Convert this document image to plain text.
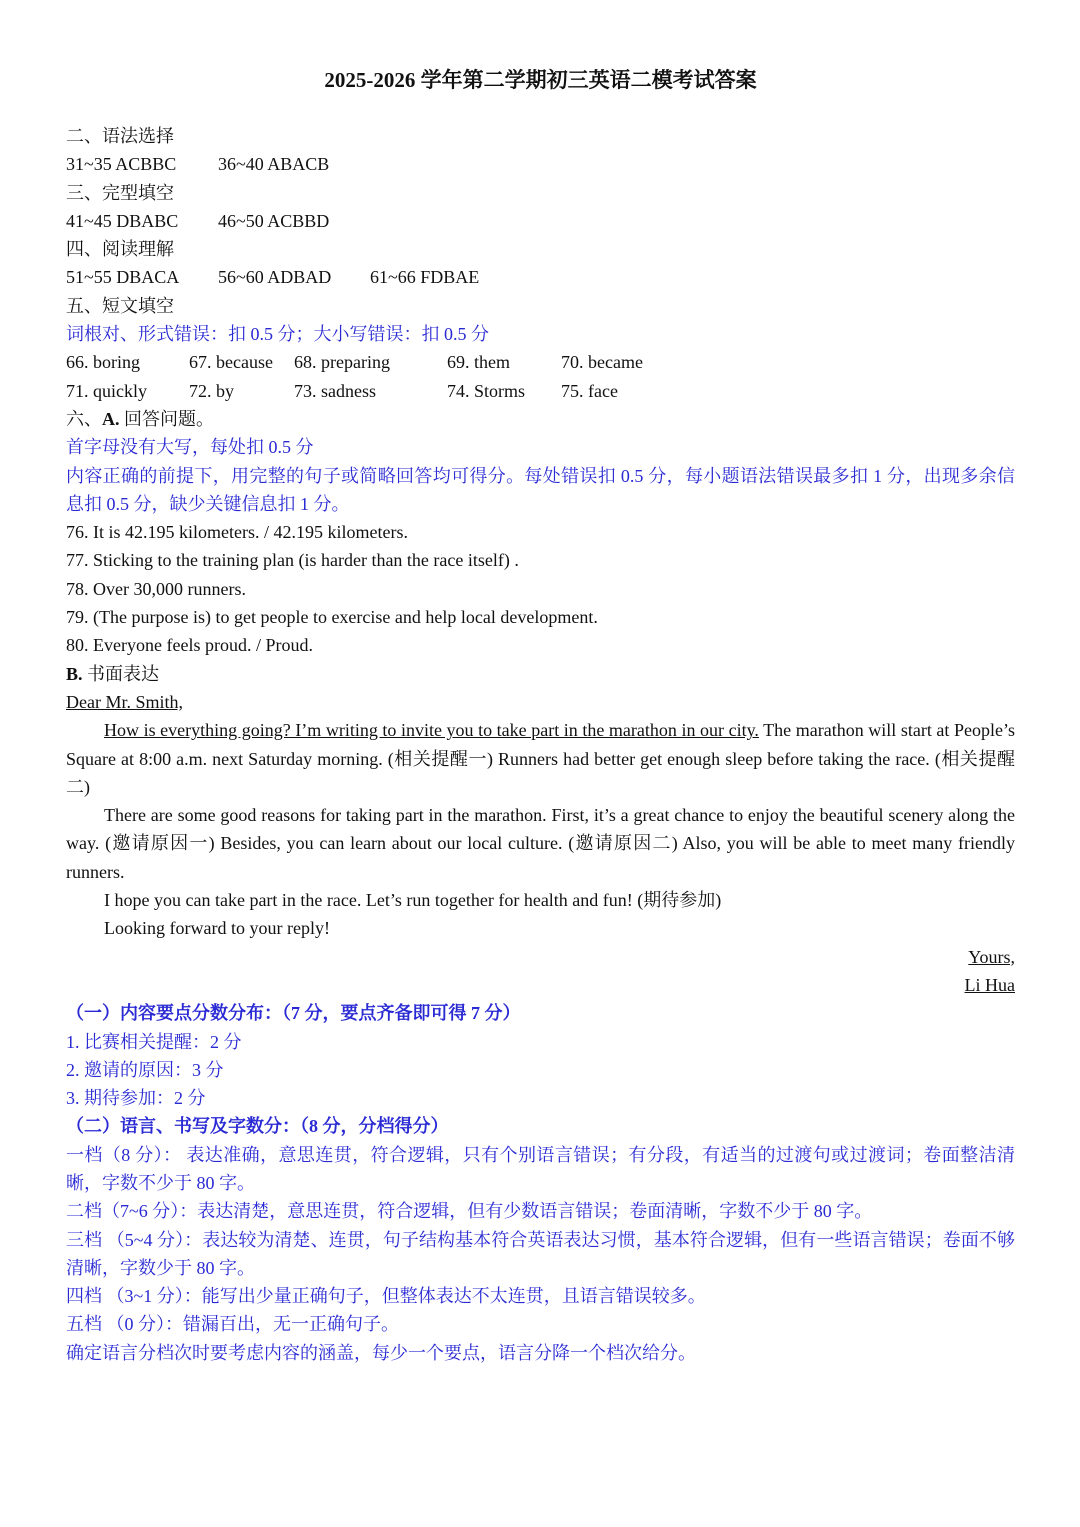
2025-2026 学年第二学期初三英语二模考试答案
二、语法选择
31~35 ACBBC	36~40 ABACB
三、完型填空
41~45 DBABC	46~50 ACBBD
四、阅读理解
51~55 DBACA	56~60 ADBAD	61~66 FDBAE
五、短文填空
词根对、形式错误：扣 0.5 分；大小写错误：扣 0.5 分
66. boring	67. because	68. preparing	69. them	70. became
71. quickly	72. by	73. sadness	74. Storms	75. face
六、A. 回答问题。
首字母没有大写，每处扣 0.5 分
内容正确的前提下，用完整的句子或简略回答均可得分。每处错误扣 0.5 分，每小题语法错误最多扣 1 分，出现多余信息扣 0.5 分，缺少关键信息扣 1 分。
76. It is 42.195 kilometers. / 42.195 kilometers.
77. Sticking to the training plan (is harder than the race itself) .
78. Over 30,000 runners.
79. (The purpose is) to get people to exercise and help local development.
80. Everyone feels proud. / Proud.
B. 书面表达
Dear Mr. Smith,
How is everything going? I’m writing to invite you to take part in the marathon in our city. The marathon will start at People’s Square at 8:00 a.m. next Saturday morning. (相关提醒一) Runners had better get enough sleep before taking the race. (相关提醒二)
There are some good reasons for taking part in the marathon. First, it’s a great chance to enjoy the beautiful scenery along the way. (邀请原因一) Besides, you can learn about our local culture. (邀请原因二) Also, you will be able to meet many friendly runners.
I hope you can take part in the race. Let’s run together for health and fun! (期待参加)
Looking forward to your reply!
Yours,
Li Hua
（一）内容要点分数分布：（7 分，要点齐备即可得 7 分）
1. 比赛相关提醒：2 分
2. 邀请的原因：3 分
3. 期待参加：2 分
（二）语言、书写及字数分：（8 分，分档得分）
一档（8 分）： 表达准确，意思连贯，符合逻辑，只有个别语言错误；有分段，有适当的过渡句或过渡词；卷面整洁清晰，字数不少于 80 字。
二档（7~6 分）：表达清楚，意思连贯，符合逻辑，但有少数语言错误；卷面清晰，字数不少于 80 字。
三档 （5~4 分）：表达较为清楚、连贯，句子结构基本符合英语表达习惯，基本符合逻辑，但有一些语言错误；卷面不够清晰，字数少于 80 字。
四档 （3~1 分）：能写出少量正确句子，但整体表达不太连贯，且语言错误较多。
五档 （0 分）：错漏百出，无一正确句子。
确定语言分档次时要考虑内容的涵盖，每少一个要点，语言分降一个档次给分。
